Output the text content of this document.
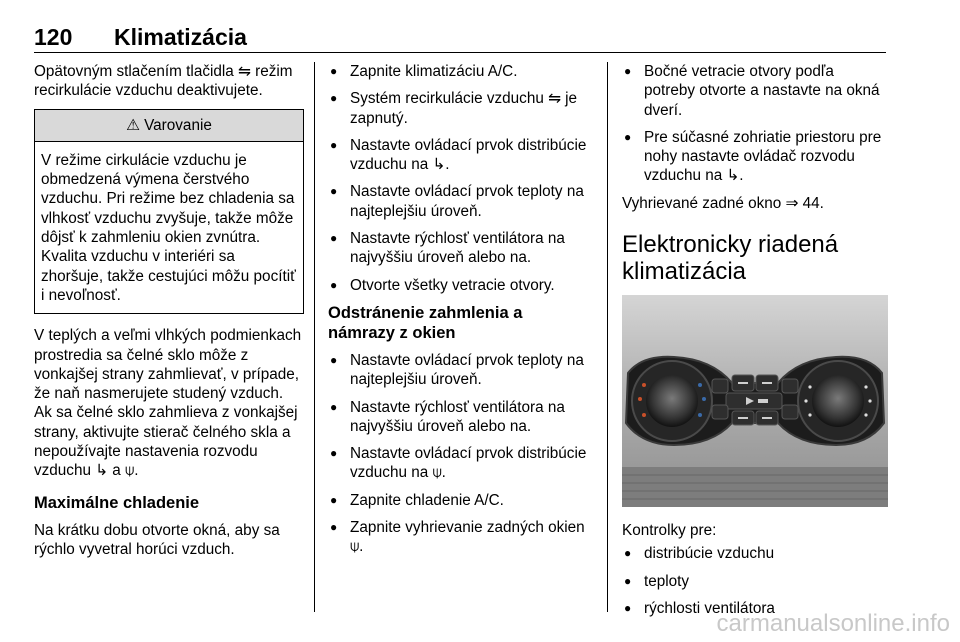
120 Klimatizácia

Opätovným stlačením tlačidla ⇋ režim recirkulácie vzduchu deaktivujete.

⚠ Varovanie
V režime cirkulácie vzduchu je obmedzená výmena čerstvého vzduchu. Pri režime bez chladenia sa vlhkosť vzduchu zvyšuje, takže môže dôjsť k zahmleniu okien zvnútra. Kvalita vzduchu v interiéri sa zhoršuje, takže cestujúci môžu pocítiť i nevoľnosť.

V teplých a veľmi vlhkých podmienkach prostredia sa čelné sklo môže z vonkajšej strany zahmlievať, v prípade, že naň nasmerujete studený vzduch. Ak sa čelné sklo zahmlieva z vonkajšej strany, aktivujte stierač čelného skla a nepoužívajte nastavenia rozvodu vzduchu ↳ a ⍦.

Maximálne chladenie

Na krátku dobu otvorte okná, aby sa rýchlo vyvetral horúci vzduch.

● Zapnite klimatizáciu A/C.
● Systém recirkulácie vzduchu ⇋ je zapnutý.
● Nastavte ovládací prvok distribúcie vzduchu na ↳.
● Nastavte ovládací prvok teploty na najteplejšiu úroveň.
● Nastavte rýchlosť ventilátora na najvyššiu úroveň alebo na.
● Otvorte všetky vetracie otvory.
Odstránenie zahmlenia a námrazy z okien
● Nastavte ovládací prvok teploty na najteplejšiu úroveň.
● Nastavte rýchlosť ventilátora na najvyššiu úroveň alebo na.
● Nastavte ovládací prvok distribúcie vzduchu na ⍦.
● Zapnite chladenie A/C.
● Zapnite vyhrievanie zadných okien ⍦.
● Bočné vetracie otvory podľa potreby otvorte a nastavte na okná dverí.
● Pre súčasné zohriatie priestoru pre nohy nastavte ovládač rozvodu vzduchu na ↳.

Vyhrievané zadné okno ⇒ 44.

Elektronicky riadená klimatizácia

Kontrolky pre:

● distribúcie vzduchu
● teploty
● rýchlosti ventilátora
carmanualsonline.info
